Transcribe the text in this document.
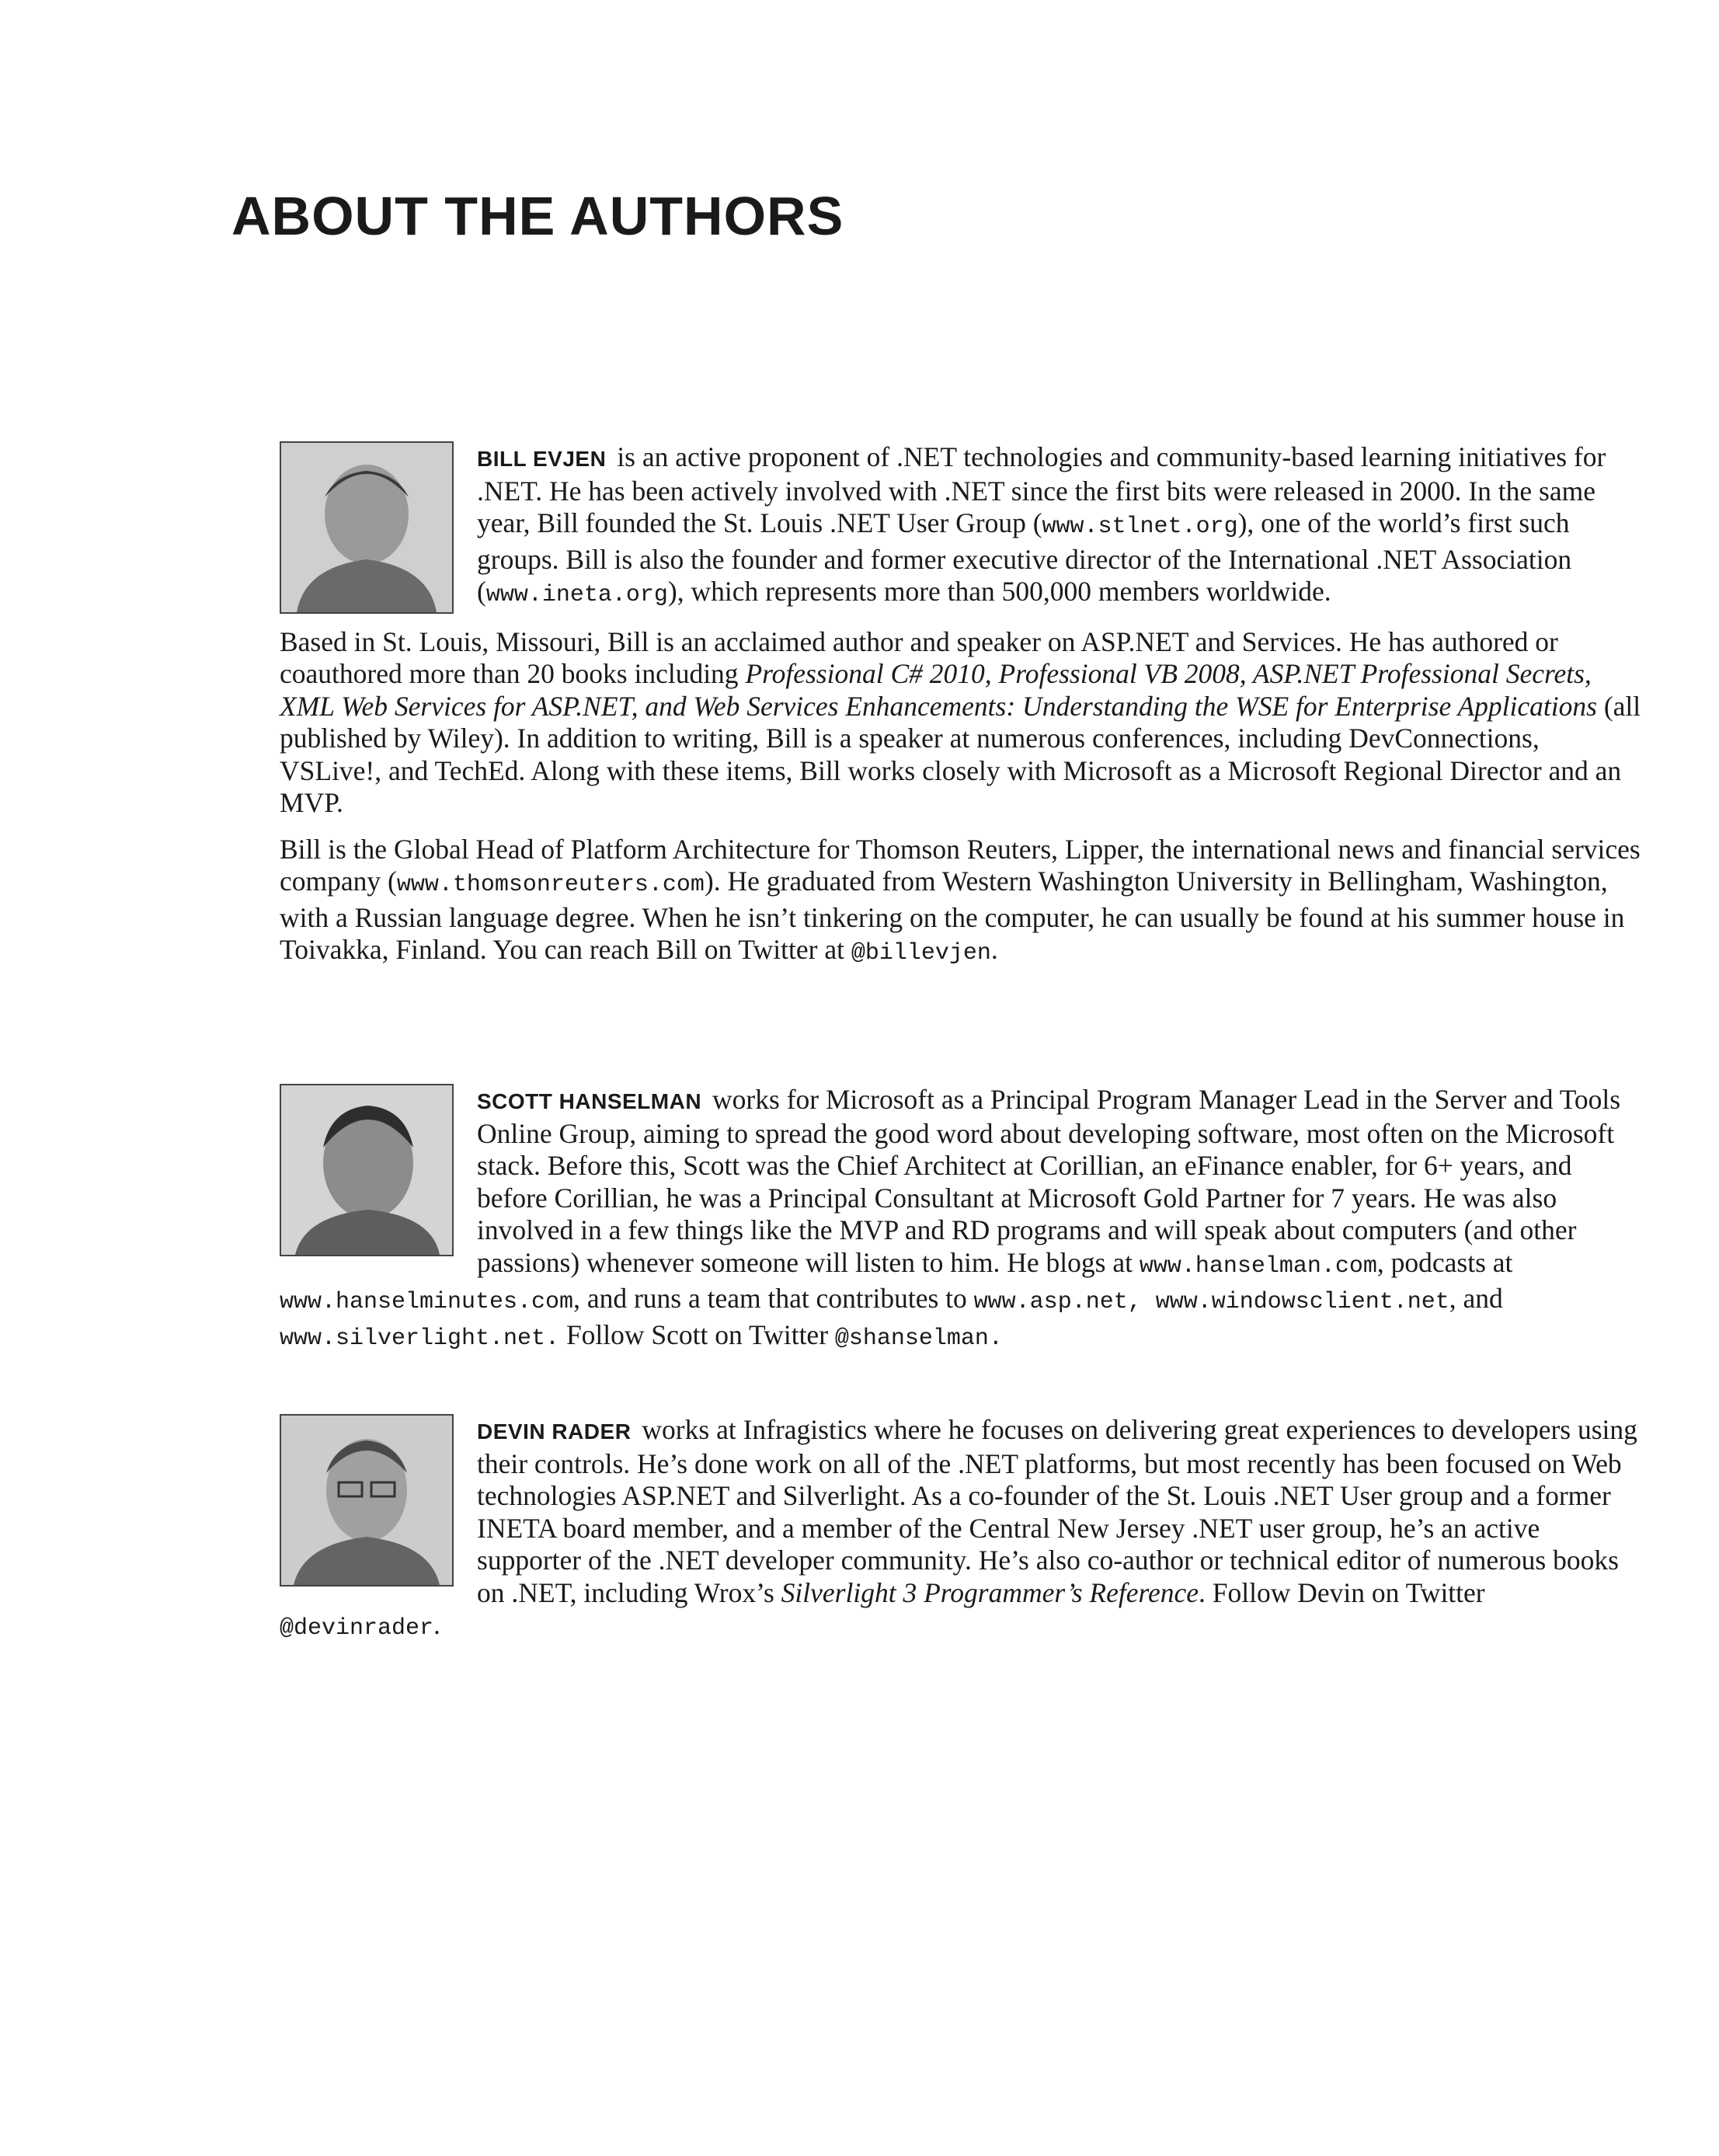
ABOUT THE AUTHORS

BILL EVJEN is an active proponent of .NET technologies and community-based learning initiatives for .NET. He has been actively involved with .NET since the first bits were released in 2000. In the same year, Bill founded the St. Louis .NET User Group (www.stlnet.org), one of the world’s first such groups. Bill is also the founder and former executive director of the International .NET Association (www.ineta.org), which represents more than 500,000 members worldwide.

Based in St. Louis, Missouri, Bill is an acclaimed author and speaker on ASP.NET and Services. He has authored or coauthored more than 20 books including Professional C# 2010, Professional VB 2008, ASP.NET Professional Secrets, XML Web Services for ASP.NET, and Web Services Enhancements: Understanding the WSE for Enterprise Applications (all published by Wiley). In addition to writing, Bill is a speaker at numerous conferences, including DevConnections, VSLive!, and TechEd. Along with these items, Bill works closely with Microsoft as a Microsoft Regional Director and an MVP.

Bill is the Global Head of Platform Architecture for Thomson Reuters, Lipper, the international news and financial services company (www.thomsonreuters.com). He graduated from Western Washington University in Bellingham, Washington, with a Russian language degree. When he isn’t tinkering on the computer, he can usually be found at his summer house in Toivakka, Finland. You can reach Bill on Twitter at @billevjen.

SCOTT HANSELMAN works for Microsoft as a Principal Program Manager Lead in the Server and Tools Online Group, aiming to spread the good word about developing software, most often on the Microsoft stack. Before this, Scott was the Chief Architect at Corillian, an eFinance enabler, for 6+ years, and before Corillian, he was a Principal Consultant at Microsoft Gold Partner for 7 years. He was also involved in a few things like the MVP and RD programs and will speak about computers (and other passions) whenever someone will listen to him. He blogs at www.hanselman.com, podcasts at www.hanselminutes.com, and runs a team that contributes to www.asp.net, www.windowsclient.net, and www.silverlight.net. Follow Scott on Twitter @shanselman.

DEVIN RADER works at Infragistics where he focuses on delivering great experiences to developers using their controls. He’s done work on all of the .NET platforms, but most recently has been focused on Web technologies ASP.NET and Silverlight. As a co-founder of the St. Louis .NET User group and a former INETA board member, and a member of the Central New Jersey .NET user group, he’s an active supporter of the .NET developer community. He’s also co-author or technical editor of numerous books on .NET, including Wrox’s Silverlight 3 Programmer’s Reference. Follow Devin on Twitter @devinrader.
